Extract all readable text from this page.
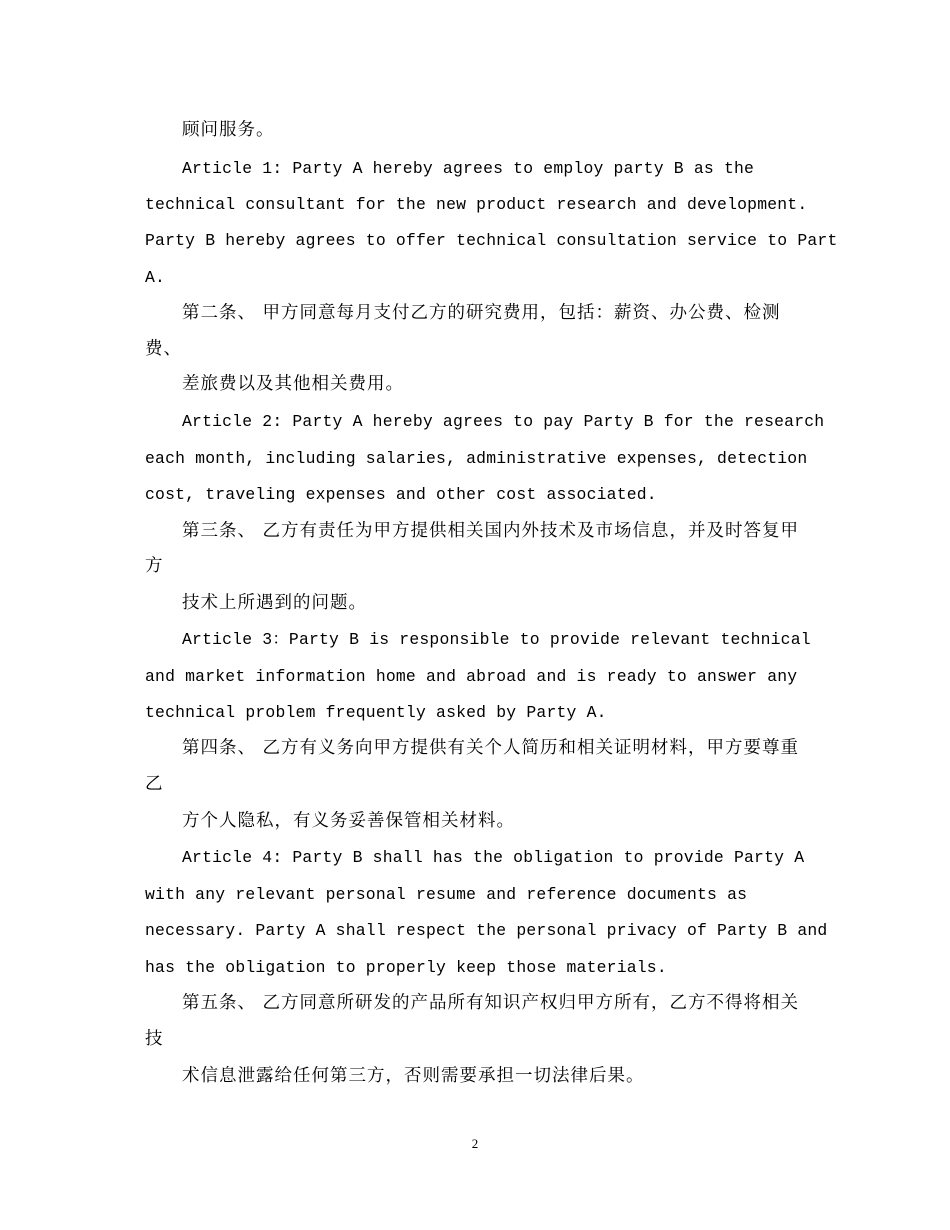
顾问服务。
Article 1: Party A hereby agrees to employ party B as the
technical consultant for the new product research and development.
Party B hereby agrees to offer technical consultation service to Part
A.
第二条、 甲方同意每月支付乙方的研究费用，包括：薪资、办公费、检测
费、
差旅费以及其他相关费用。
Article 2: Party A hereby agrees to pay Party B for the research
each month, including salaries, administrative expenses, detection
cost, traveling expenses and other cost associated.
第三条、 乙方有责任为甲方提供相关国内外技术及市场信息，并及时答复甲
方
技术上所遇到的问题。
Article 3：Party B is responsible to provide relevant technical
and market information home and abroad and is ready to answer any
technical problem frequently asked by Party A.
第四条、 乙方有义务向甲方提供有关个人简历和相关证明材料，甲方要尊重
乙
方个人隐私，有义务妥善保管相关材料。
Article 4: Party B shall has the obligation to provide Party A
with any relevant personal resume and reference documents as
necessary. Party A shall respect the personal privacy of Party B and
has the obligation to properly keep those materials.
第五条、 乙方同意所研发的产品所有知识产权归甲方所有，乙方不得将相关
技
术信息泄露给任何第三方，否则需要承担一切法律后果。
2
